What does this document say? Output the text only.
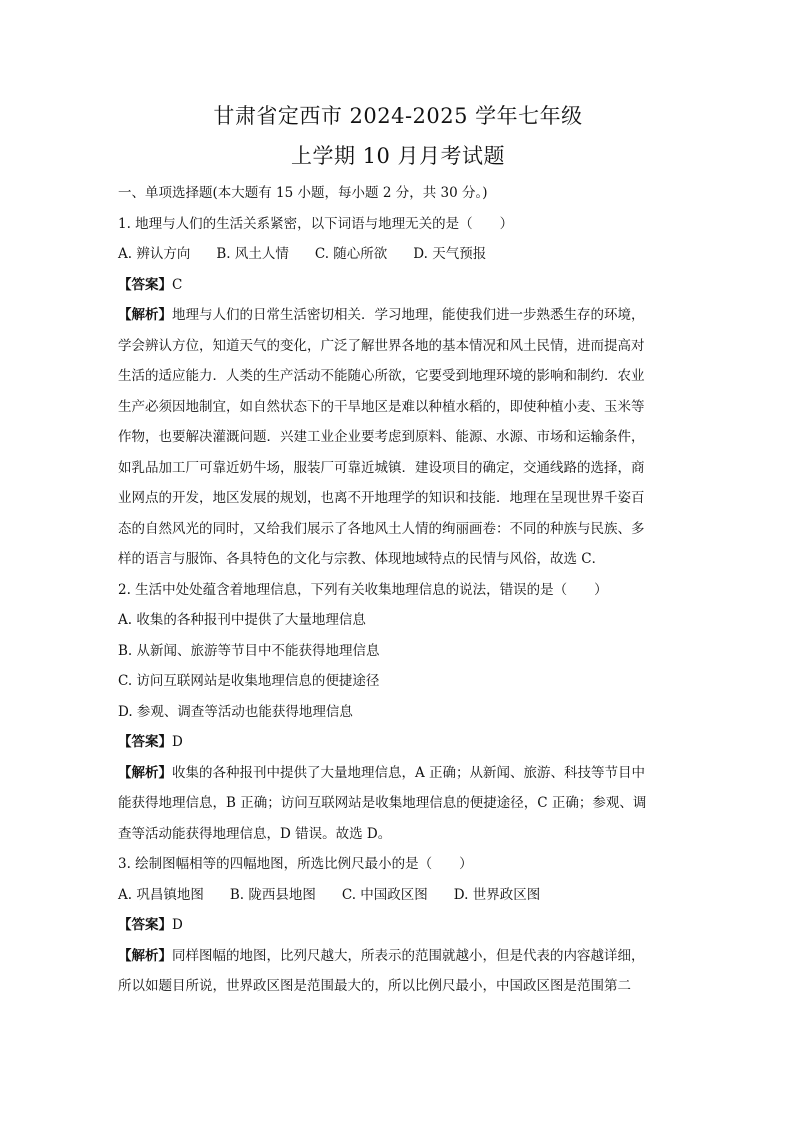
甘肃省定西市 2024-2025 学年七年级
上学期 10 月月考试题

一、单项选择题(本大题有 15 小题，每小题 2 分，共 30 分。)

1. 地理与人们的生活关系紧密，以下词语与地理无关的是（　　）

A. 辨认方向 B. 风土人情 C. 随心所欲 D. 天气预报

【答案】C

【解析】地理与人们的日常生活密切相关．学习地理，能使我们进一步熟悉生存的环境，

学会辨认方位，知道天气的变化，广泛了解世界各地的基本情况和风土民情，进而提高对

生活的适应能力．人类的生产活动不能随心所欲，它要受到地理环境的影响和制约．农业

生产必须因地制宜，如自然状态下的干旱地区是难以种植水稻的，即使种植小麦、玉米等

作物，也要解决灌溉问题．兴建工业企业要考虑到原料、能源、水源、市场和运输条件，

如乳品加工厂可靠近奶牛场，服装厂可靠近城镇．建设项目的确定，交通线路的选择，商

业网点的开发，地区发展的规划，也离不开地理学的知识和技能．地理在呈现世界千姿百

态的自然风光的同时，又给我们展示了各地风土人情的绚丽画卷：不同的种族与民族、多

样的语言与服饰、各具特色的文化与宗教、体现地域特点的民情与风俗，故选 C．

2. 生活中处处蕴含着地理信息，下列有关收集地理信息的说法，错误的是（　　）

A. 收集的各种报刊中提供了大量地理信息

B. 从新闻、旅游等节目中不能获得地理信息

C. 访问互联网站是收集地理信息的便捷途径

D. 参观、调查等活动也能获得地理信息

【答案】D

【解析】收集的各种报刊中提供了大量地理信息，A 正确；从新闻、旅游、科技等节目中

能获得地理信息，B 正确；访问互联网站是收集地理信息的便捷途径，C 正确；参观、调

查等活动能获得地理信息，D 错误。故选 D。

3. 绘制图幅相等的四幅地图，所选比例尺最小的是（　　）

A. 巩昌镇地图 B. 陇西县地图 C. 中国政区图 D. 世界政区图

【答案】D

【解析】同样图幅的地图，比列尺越大，所表示的范围就越小，但是代表的内容越详细，

所以如题目所说，世界政区图是范围最大的，所以比例尺最小，中国政区图是范围第二
